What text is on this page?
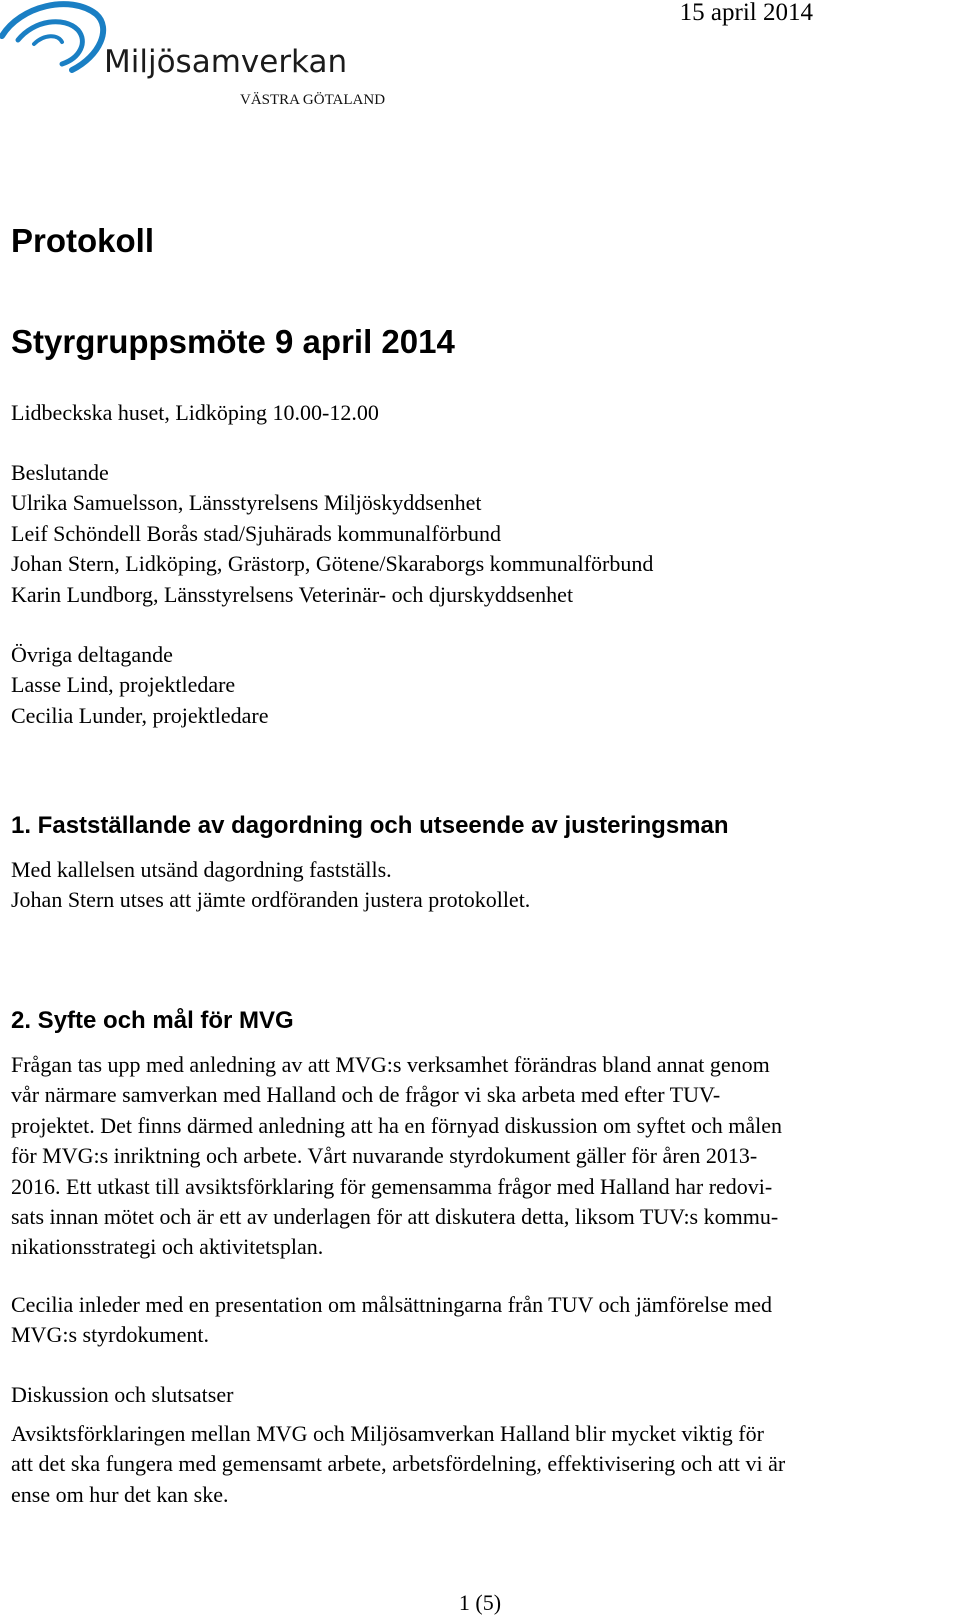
Miljösamverkan
VÄSTRA GÖTALAND
15 april 2014
Protokoll
Styrgruppsmöte 9 april 2014

Lidbeckska huset, Lidköping 10.00-12.00

Beslutande

Ulrika Samuelsson, Länsstyrelsens Miljöskyddsenhet

Leif Schöndell Borås stad/Sjuhärads kommunalförbund

Johan Stern, Lidköping, Grästorp, Götene/Skaraborgs kommunalförbund

Karin Lundborg, Länsstyrelsens Veterinär- och djurskyddsenhet

Övriga deltagande

Lasse Lind, projektledare

Cecilia Lunder, projektledare

1. Fastställande av dagordning och utseende av justeringsman

Med kallelsen utsänd dagordning fastställs.

Johan Stern utses att jämte ordföranden justera protokollet.

2. Syfte och mål för MVG

Frågan tas upp med anledning av att MVG:s verksamhet förändras bland annat genom

vår närmare samverkan med Halland och de frågor vi ska arbeta med efter TUV-

projektet. Det finns därmed anledning att ha en förnyad diskussion om syftet och målen

för MVG:s inriktning och arbete. Vårt nuvarande styrdokument gäller för åren 2013-

2016. Ett utkast till avsiktsförklaring för gemensamma frågor med Halland har redovi-

sats innan mötet och är ett av underlagen för att diskutera detta, liksom TUV:s kommu-

nikationsstrategi och aktivitetsplan.

Cecilia inleder med en presentation om målsättningarna från TUV och jämförelse med

MVG:s styrdokument.

Diskussion och slutsatser

Avsiktsförklaringen mellan MVG och Miljösamverkan Halland blir mycket viktig för

att det ska fungera med gemensamt arbete, arbetsfördelning, effektivisering och att vi är

ense om hur det kan ske.

1 (5)
